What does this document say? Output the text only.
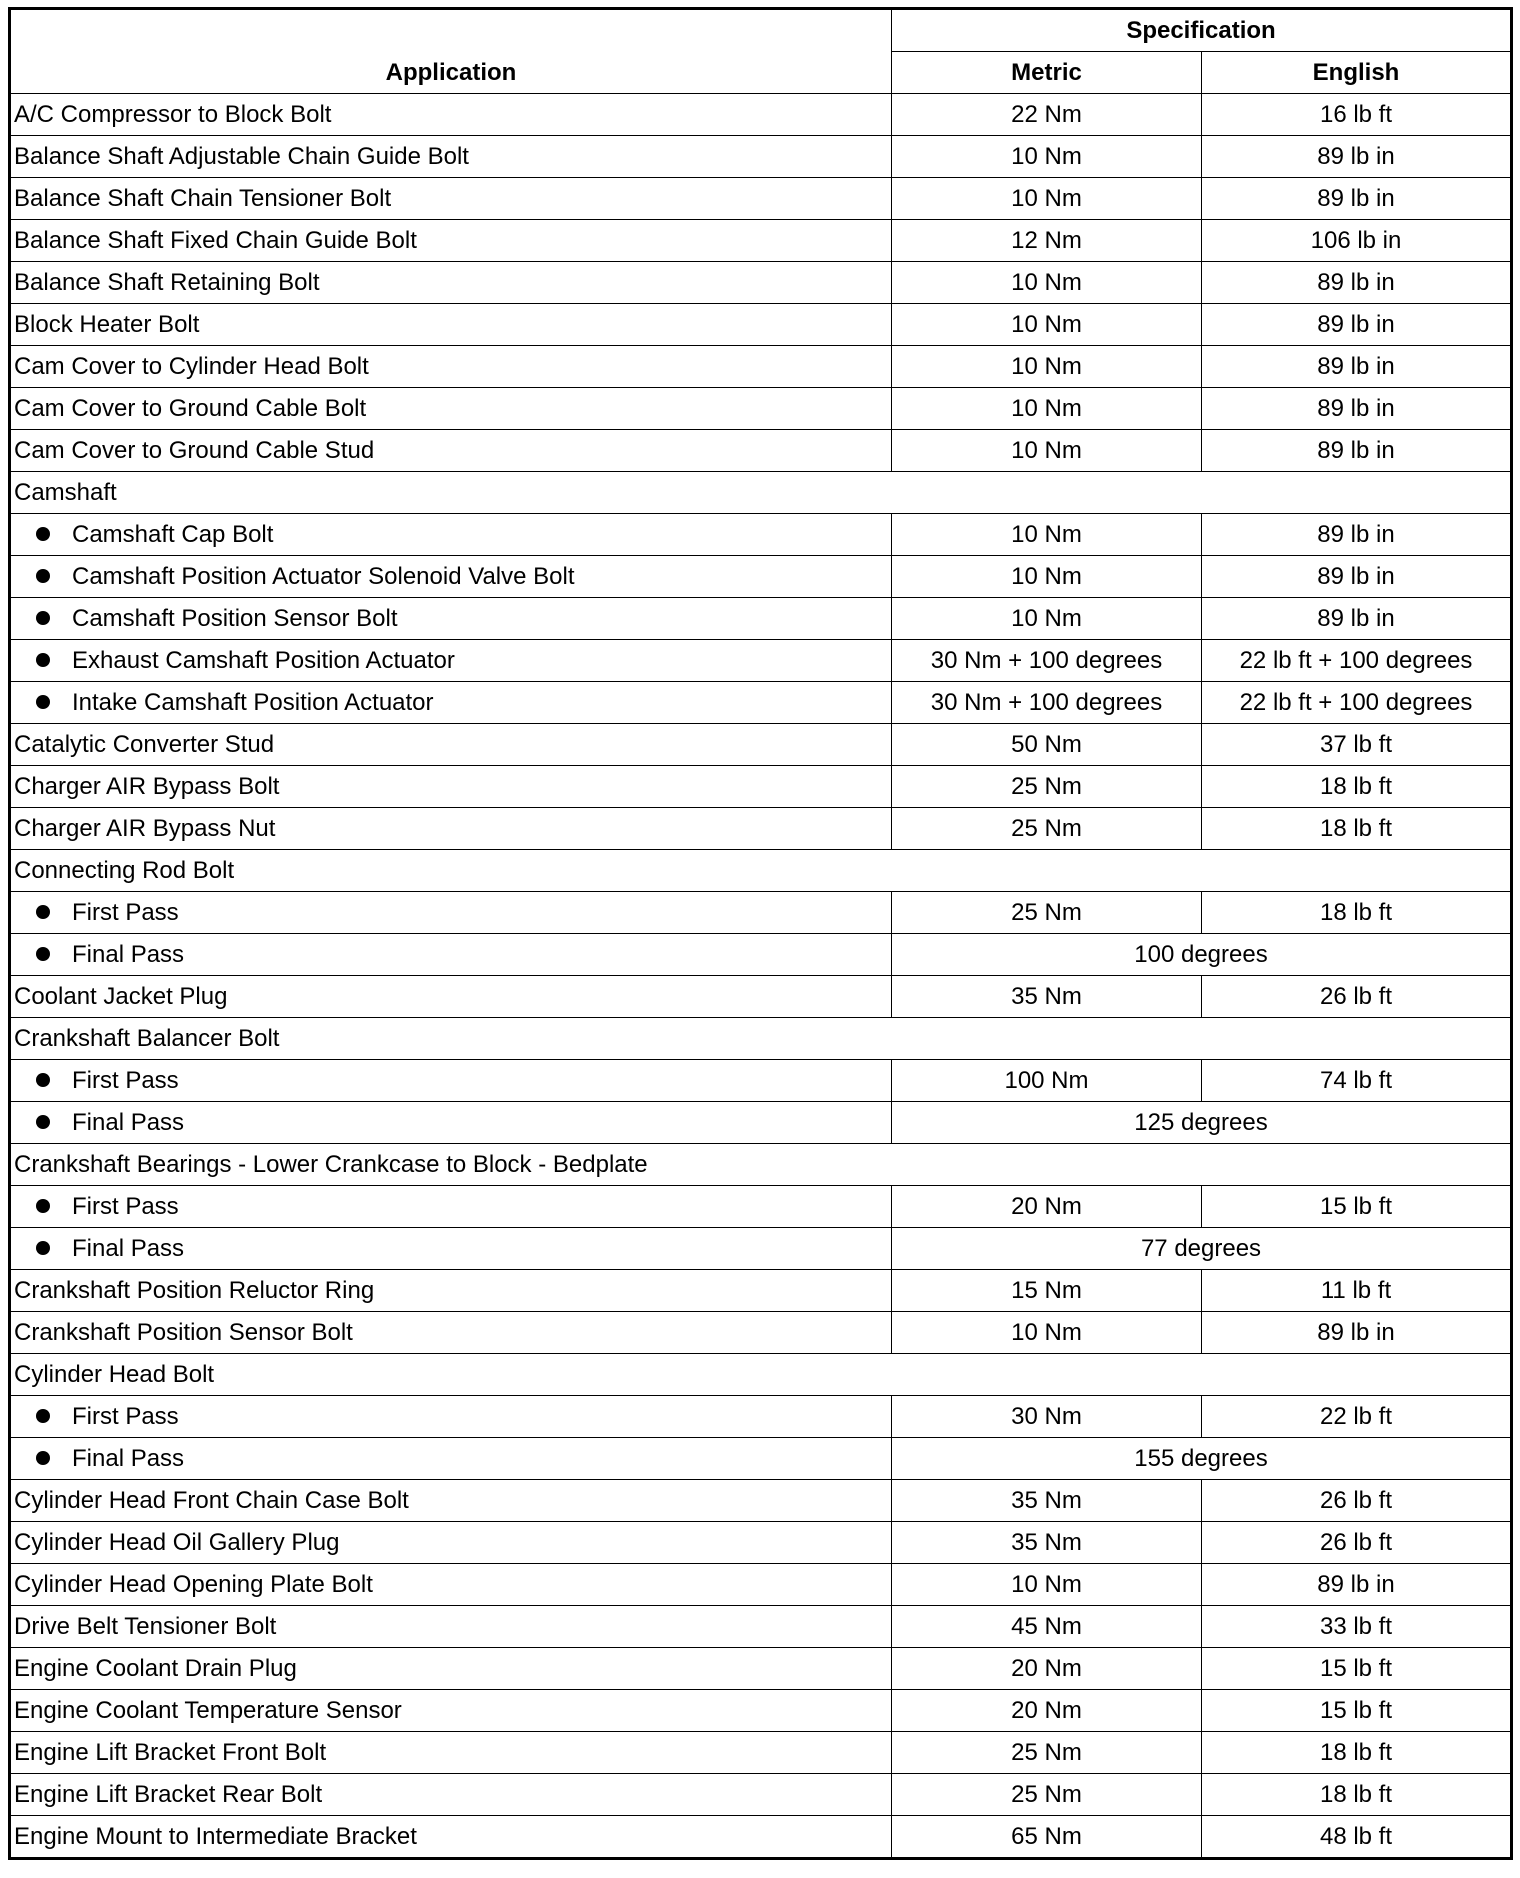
Application	Specification	
	Metric	English
A/C Compressor to Block Bolt	22 Nm	16 lb ft
Balance Shaft Adjustable Chain Guide Bolt	10 Nm	89 lb in
Balance Shaft Chain Tensioner Bolt	10 Nm	89 lb in
Balance Shaft Fixed Chain Guide Bolt	12 Nm	106 lb in
Balance Shaft Retaining Bolt	10 Nm	89 lb in
Block Heater Bolt	10 Nm	89 lb in
Cam Cover to Cylinder Head Bolt	10 Nm	89 lb in
Cam Cover to Ground Cable Bolt	10 Nm	89 lb in
Cam Cover to Ground Cable Stud	10 Nm	89 lb in
Camshaft		
Camshaft Cap Bolt	10 Nm	89 lb in
Camshaft Position Actuator Solenoid Valve Bolt	10 Nm	89 lb in
Camshaft Position Sensor Bolt	10 Nm	89 lb in
Exhaust Camshaft Position Actuator	30 Nm + 100 degrees	22 lb ft + 100 degrees
Intake Camshaft Position Actuator	30 Nm + 100 degrees	22 lb ft + 100 degrees
Catalytic Converter Stud	50 Nm	37 lb ft
Charger AIR Bypass Bolt	25 Nm	18 lb ft
Charger AIR Bypass Nut	25 Nm	18 lb ft
Connecting Rod Bolt		
First Pass	25 Nm	18 lb ft
Final Pass	100 degrees	
Coolant Jacket Plug	35 Nm	26 lb ft
Crankshaft Balancer Bolt		
First Pass	100 Nm	74 lb ft
Final Pass	125 degrees	
Crankshaft Bearings - Lower Crankcase to Block - Bedplate		
First Pass	20 Nm	15 lb ft
Final Pass	77 degrees	
Crankshaft Position Reluctor Ring	15 Nm	11 lb ft
Crankshaft Position Sensor Bolt	10 Nm	89 lb in
Cylinder Head Bolt		
First Pass	30 Nm	22 lb ft
Final Pass	155 degrees	
Cylinder Head Front Chain Case Bolt	35 Nm	26 lb ft
Cylinder Head Oil Gallery Plug	35 Nm	26 lb ft
Cylinder Head Opening Plate Bolt	10 Nm	89 lb in
Drive Belt Tensioner Bolt	45 Nm	33 lb ft
Engine Coolant Drain Plug	20 Nm	15 lb ft
Engine Coolant Temperature Sensor	20 Nm	15 lb ft
Engine Lift Bracket Front Bolt	25 Nm	18 lb ft
Engine Lift Bracket Rear Bolt	25 Nm	18 lb ft
Engine Mount to Intermediate Bracket	65 Nm	48 lb ft
